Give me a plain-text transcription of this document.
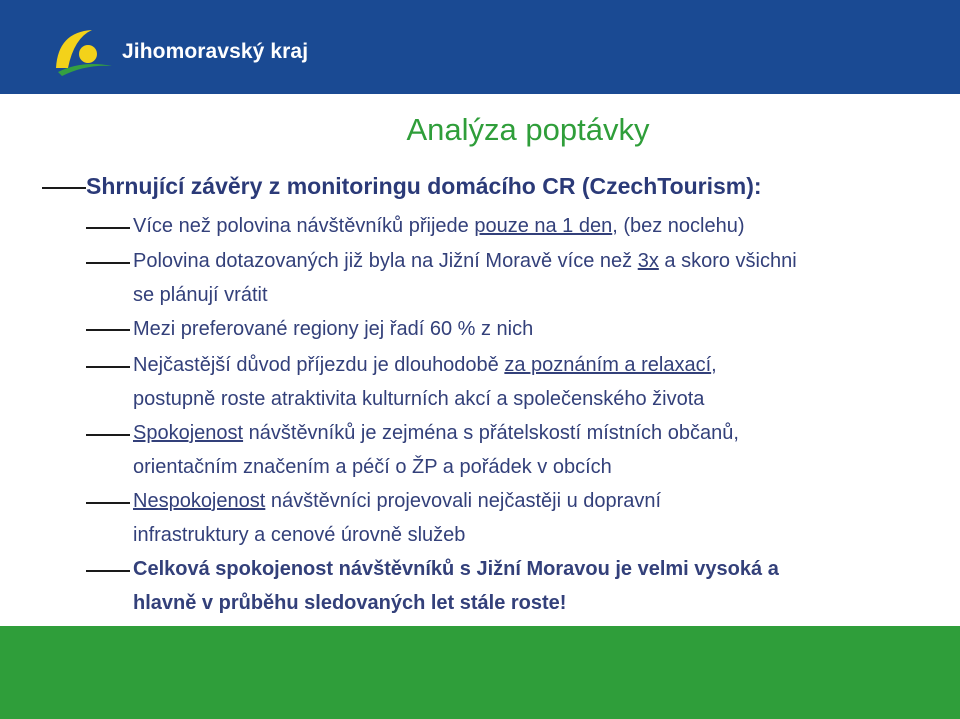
Jihomoravský kraj
Analýza poptávky
Shrnující závěry z monitoringu domácího CR (CzechTourism):
Více než polovina návštěvníků přijede pouze na 1 den, (bez noclehu)
Polovina dotazovaných již byla na Jižní Moravě více než 3x a skoro všichni
se plánují vrátit
Mezi preferované regiony jej řadí 60 % z nich
Nejčastější důvod příjezdu je dlouhodobě za poznáním a relaxací,
postupně roste atraktivita kulturních akcí a společenského života
Spokojenost návštěvníků je zejména s přátelskostí místních občanů,
orientačním značením a péčí o ŽP a pořádek v obcích
Nespokojenost návštěvníci projevovali nejčastěji u dopravní
infrastruktury a cenové úrovně služeb
Celková spokojenost návštěvníků s Jižní Moravou je velmi vysoká a
hlavně v průběhu sledovaných let stále roste!
